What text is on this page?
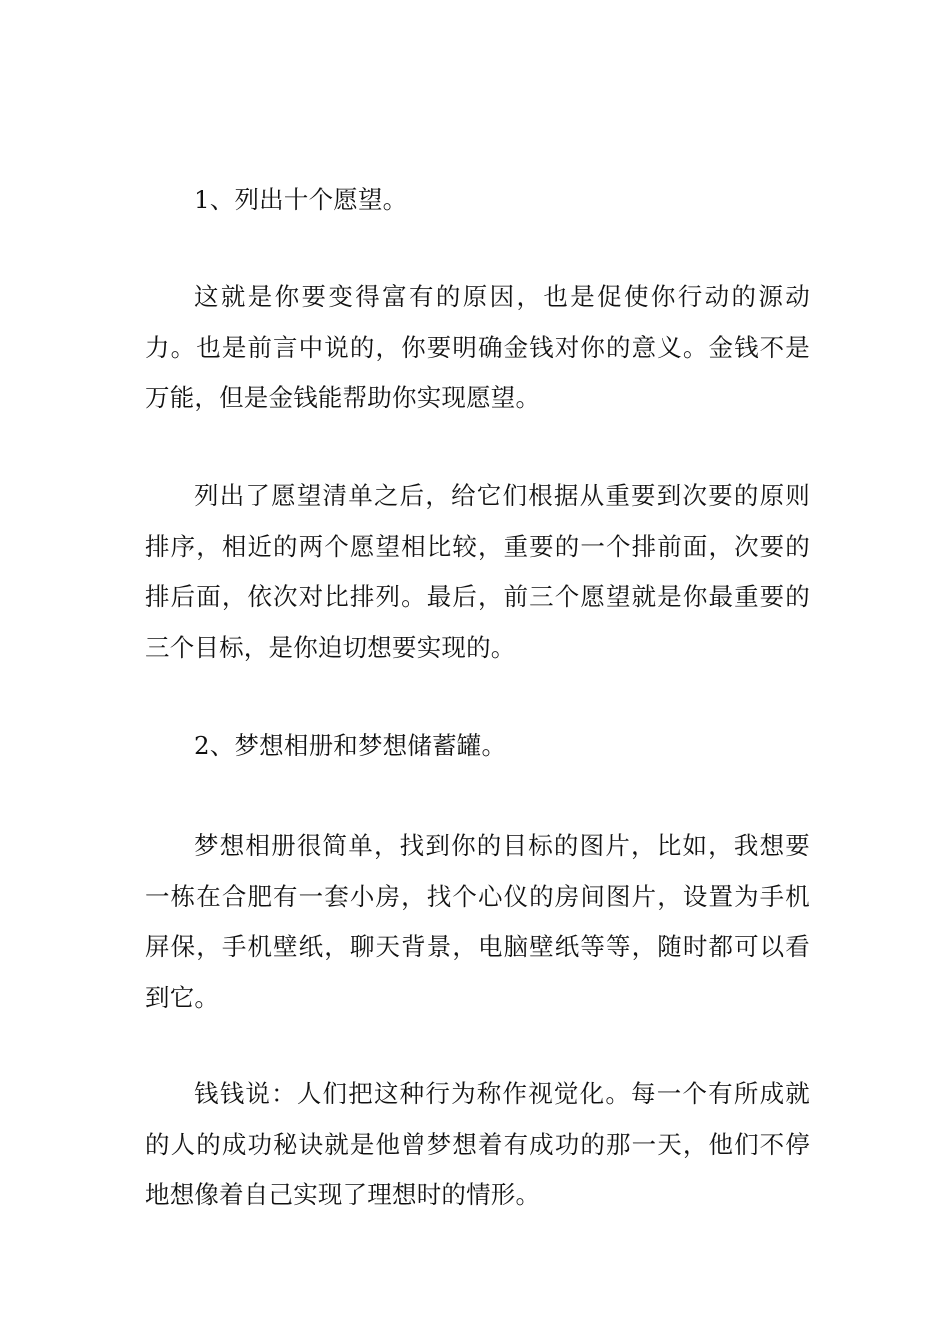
1、列出十个愿望。

这就是你要变得富有的原因，也是促使你行动的源动力。也是前言中说的，你要明确金钱对你的意义。金钱不是万能，但是金钱能帮助你实现愿望。

列出了愿望清单之后，给它们根据从重要到次要的原则排序，相近的两个愿望相比较，重要的一个排前面，次要的排后面，依次对比排列。最后，前三个愿望就是你最重要的三个目标，是你迫切想要实现的。

2、梦想相册和梦想储蓄罐。

梦想相册很简单，找到你的目标的图片，比如，我想要一栋在合肥有一套小房，找个心仪的房间图片，设置为手机屏保，手机壁纸，聊天背景，电脑壁纸等等，随时都可以看到它。

钱钱说：人们把这种行为称作视觉化。每一个有所成就的人的成功秘诀就是他曾梦想着有成功的那一天，他们不停地想像着自己实现了理想时的情形。
